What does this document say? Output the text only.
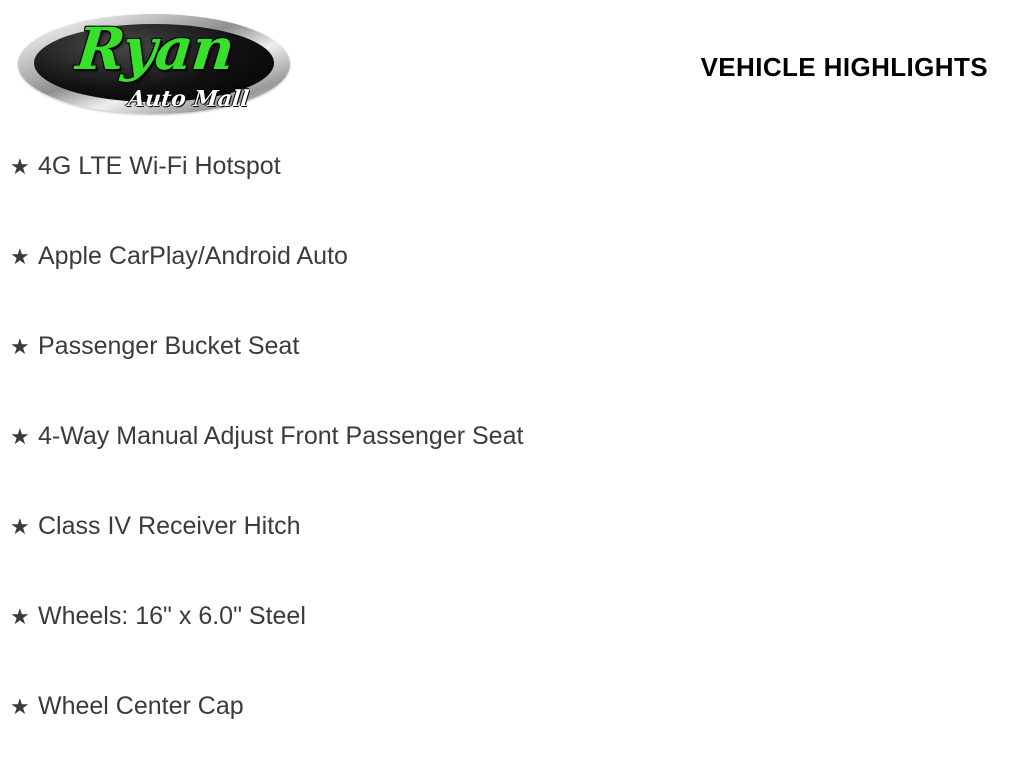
Ryan
Auto Mall
VEHICLE HIGHLIGHTS
★ 4G LTE Wi-Fi Hotspot
★ Apple CarPlay/Android Auto
★ Passenger Bucket Seat
★ 4-Way Manual Adjust Front Passenger Seat
★ Class IV Receiver Hitch
★ Wheels: 16" x 6.0" Steel
★ Wheel Center Cap
